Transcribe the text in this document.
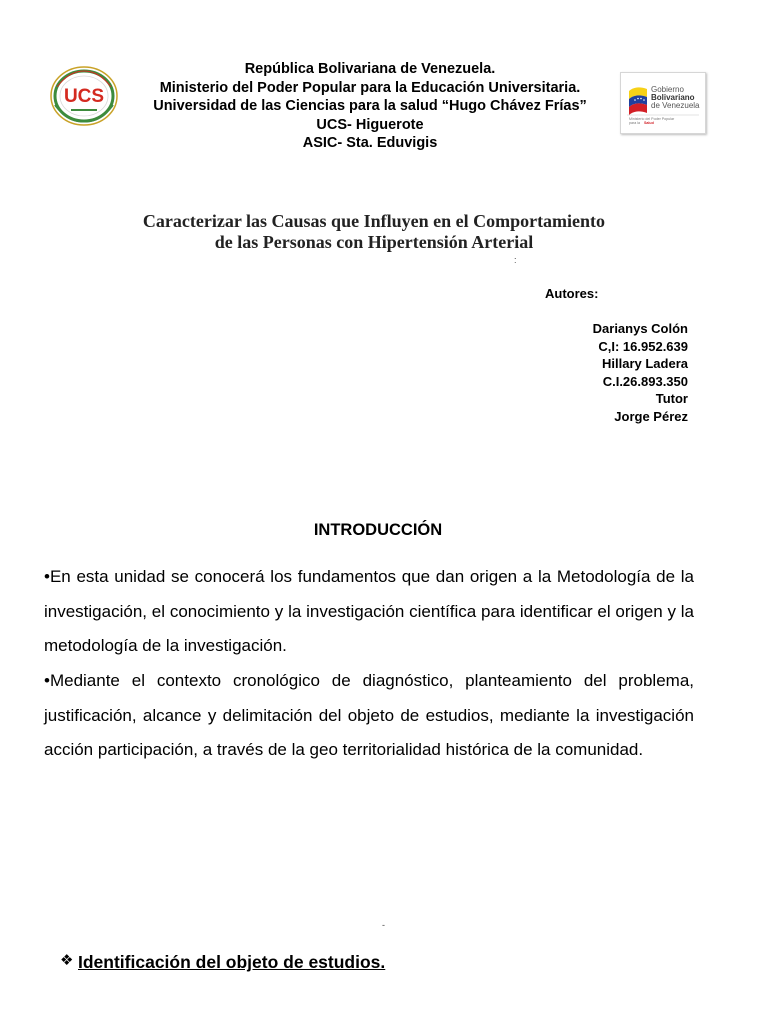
UCS	Gobierno
Bolivariano
de Venezuela
Ministerio del Poder Popular
para la Salud
República Bolivariana de Venezuela.
Ministerio del Poder Popular para la Educación Universitaria.
Universidad de las Ciencias para la salud “Hugo Chávez Frías”
UCS- Higuerote
ASIC- Sta. Eduvigis
Caracterizar las Causas que Influyen en el Comportamiento
de las Personas con Hipertensión Arterial
:
Autores:
Darianys Colón
C,I: 16.952.639
Hillary Ladera
C.I.26.893.350
Tutor
Jorge Pérez
INTRODUCCIÓN
•En esta unidad se conocerá los fundamentos que dan origen a la Metodología de la investigación, el conocimiento y la investigación científica para identificar el origen y la metodología de la investigación.
•Mediante el contexto cronológico de diagnóstico, planteamiento del problema, justificación, alcance y delimitación del objeto de estudios, mediante la investigación acción participación, a través de la geo territorialidad histórica de la comunidad.
-
❖ Identificación del objeto de estudios.
